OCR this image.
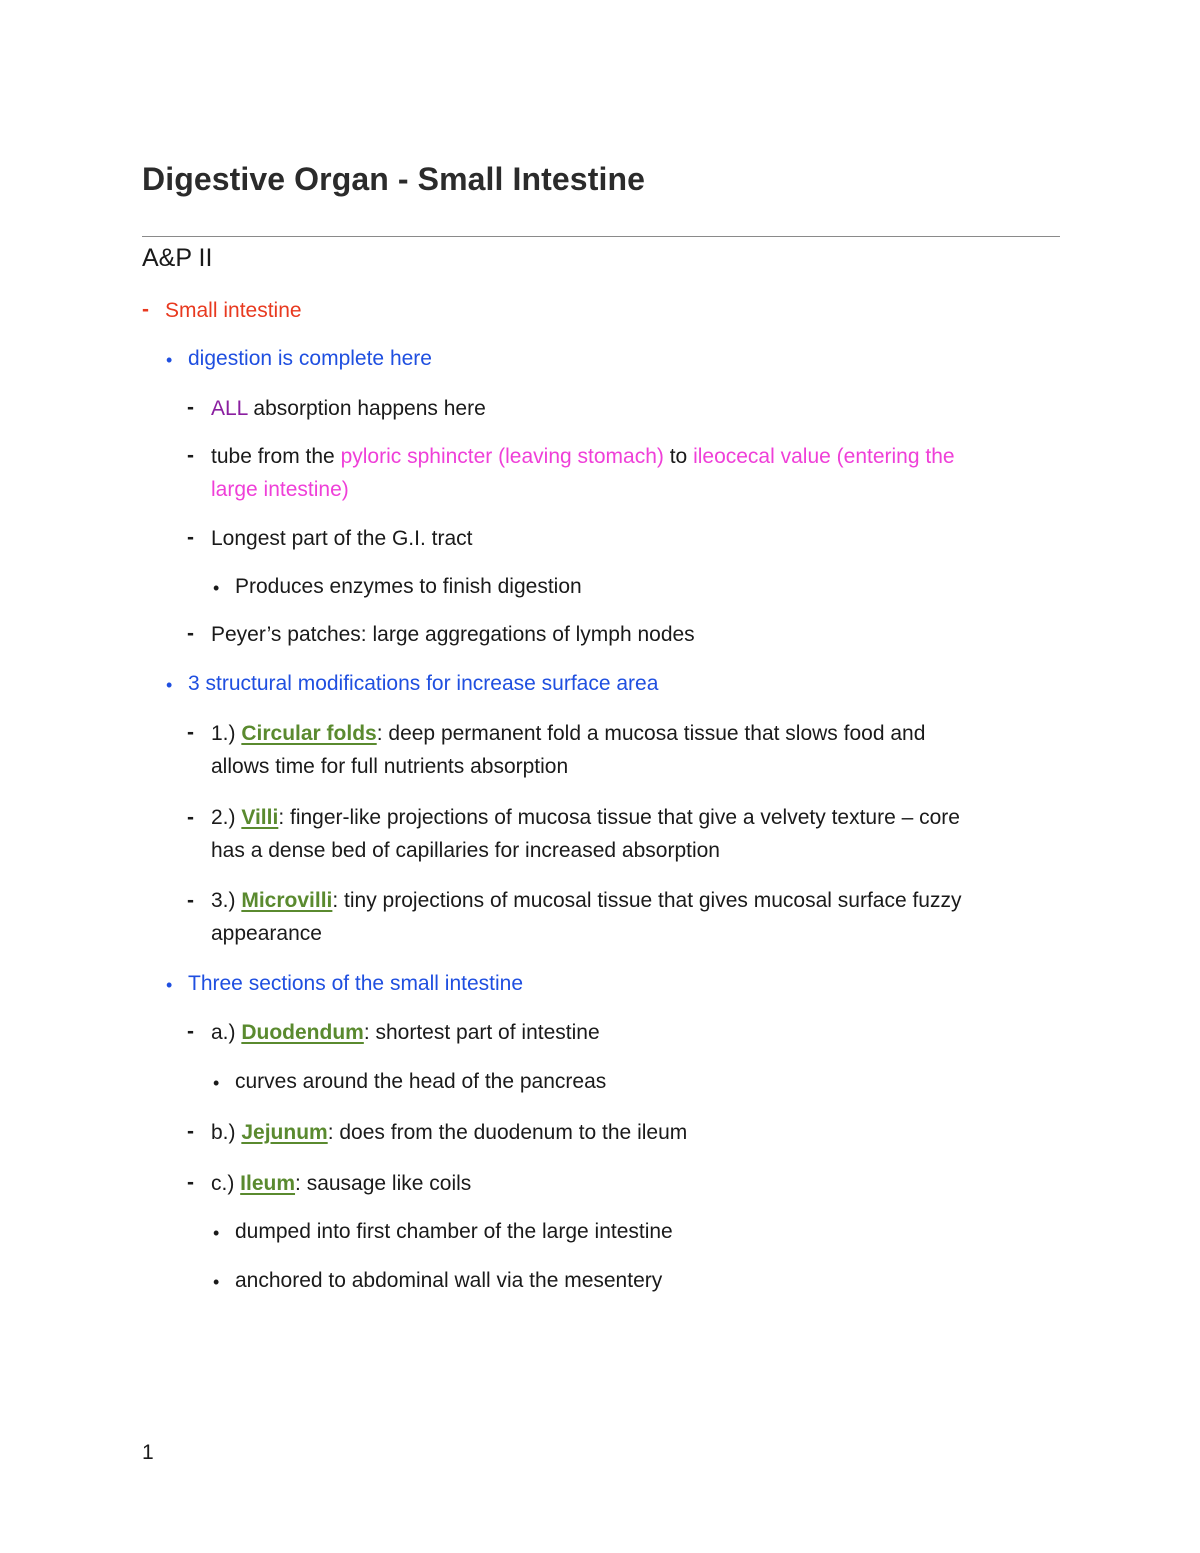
Digestive Organ - Small Intestine
A&P II
- Small intestine
• digestion is complete here
- ALL absorption happens here
- tube from the pyloric sphincter (leaving stomach) to ileocecal value (entering the
large intestine)
- Longest part of the G.I. tract
• Produces enzymes to finish digestion
- Peyer’s patches: large aggregations of lymph nodes
• 3 structural modifications for increase surface area
- 1.) Circular folds: deep permanent fold a mucosa tissue that slows food and
allows time for full nutrients absorption
- 2.) Villi: finger-like projections of mucosa tissue that give a velvety texture – core
has a dense bed of capillaries for increased absorption
- 3.) Microvilli: tiny projections of mucosal tissue that gives mucosal surface fuzzy
appearance
• Three sections of the small intestine
- a.) Duodendum: shortest part of intestine
• curves around the head of the pancreas
- b.) Jejunum: does from the duodenum to the ileum
- c.) Ileum: sausage like coils
• dumped into first chamber of the large intestine
• anchored to abdominal wall via the mesentery
1
